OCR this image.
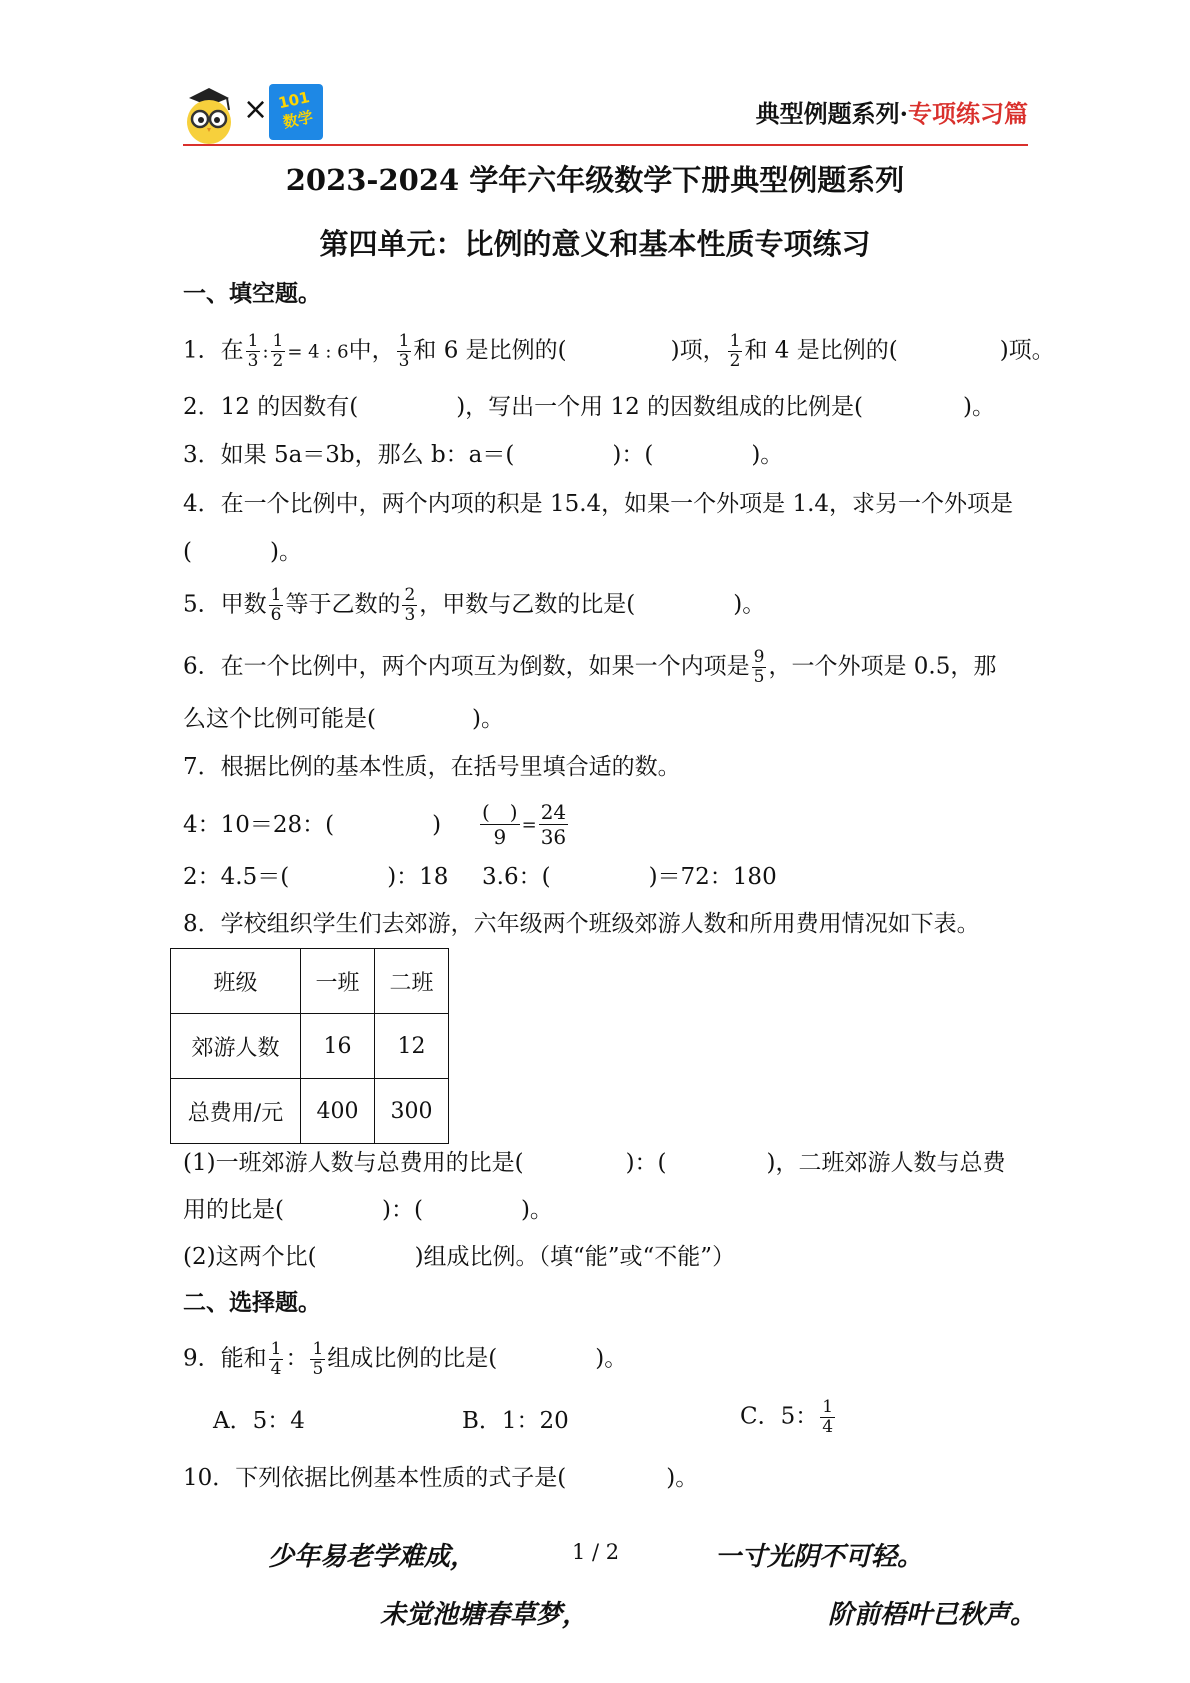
× 101
数学	典型例题系列·专项练习篇
2023-2024 学年六年级数学下册典型例题系列
第四单元：比例的意义和基本性质专项练习
一、填空题。
1．在 $\frac{1}{3}$ : $\frac{1}{2} = 4$ : 6中， $\frac{1}{3}$ 和 6 是比例的(	)项， $\frac{1}{2}$ 和 4 是比例的(	)项。
2．12 的因数有(	)，写出一个用 12 的因数组成的比例是(	)。
3．如果 5a＝3b，那么 b：a＝(	)：(	)。
4．在一个比例中，两个内项的积是 15.4，如果一个外项是 1.4，求另一个外项是
(	)。
5．甲数 $\frac{1}{6}$ 等于乙数的 $\frac{2}{3}$ ，甲数与乙数的比是(	)。
6．在一个比例中，两个内项互为倒数，如果一个内项是 $\frac{9}{5}$ ，一个外项是 0.5，那
么这个比例可能是(	)。
7．根据比例的基本性质，在括号里填合适的数。
4：10＝28：(	) $\frac{( )}{9} = \frac{24}{36}$
2：4.5＝(	)：18 3.6：(	)＝72：180
8．学校组织学生们去郊游，六年级两个班级郊游人数和所用费用情况如下表。
班级	一班	二班
郊游人数	16	12
总费用/元	400	300
(1)一班郊游人数与总费用的比是(	)：(	)，二班郊游人数与总费
用的比是(	)：(	)。
(2)这两个比(	)组成比例。（填“能”或“不能”）
二、选择题。
9．能和 $\frac{1}{4}$ ： $\frac{1}{5}$ 组成比例的比是(	)。
A．5：4	B．1：20	C．5： $\frac{1}{4}$
10．下列依据比例基本性质的式子是(	)。
少年易老学难成，	1 / 2	一寸光阴不可轻。
未觉池塘春草梦，	阶前梧叶已秋声。
